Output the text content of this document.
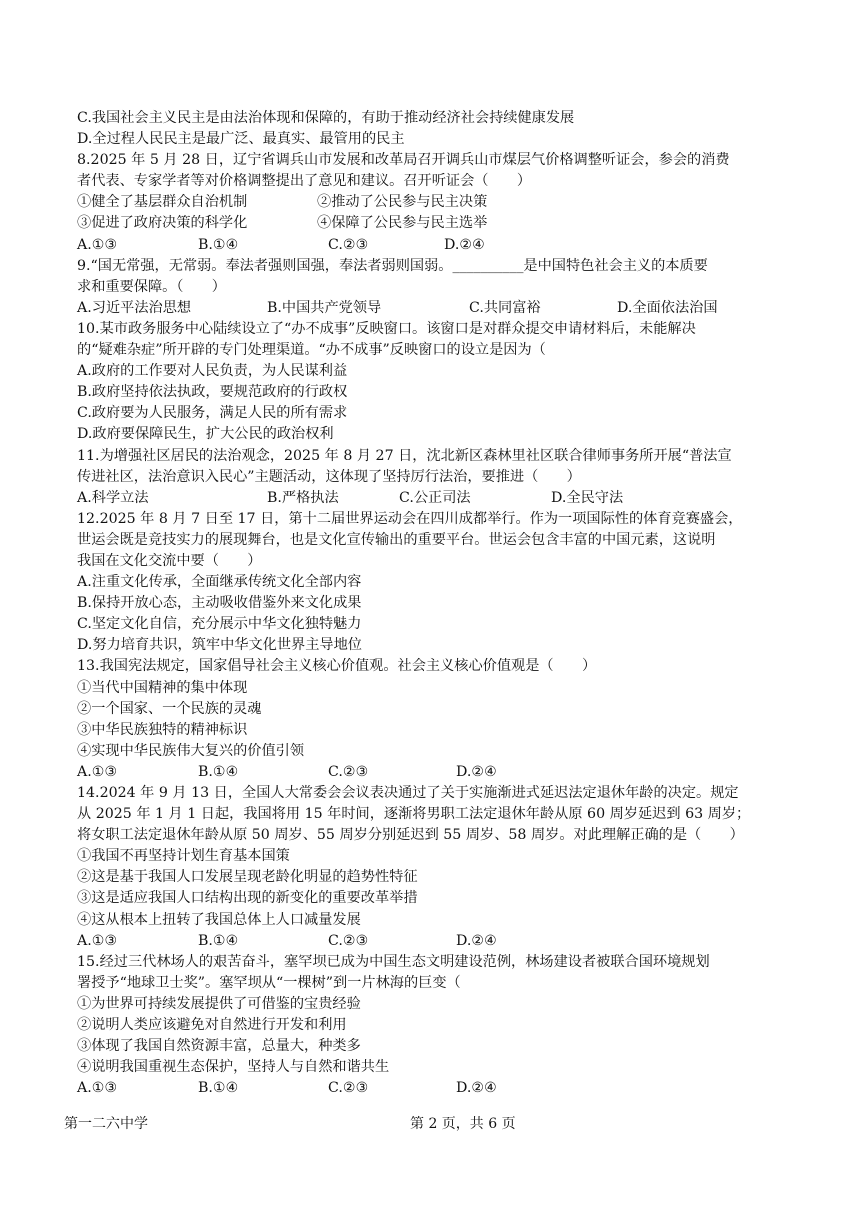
C.我国社会主义民主是由法治体现和保障的，有助于推动经济社会持续健康发展
D.全过程人民民主是最广泛、最真实、最管用的民主
8.2025 年 5 月 28 日，辽宁省调兵山市发展和改革局召开调兵山市煤层气价格调整听证会，参会的消费
者代表、专家学者等对价格调整提出了意见和建议。召开听证会（　　）
①健全了基层群众自治机制	②推动了公民参与民主决策
③促进了政府决策的科学化	④保障了公民参与民主选举
A.①③	B.①④	C.②③	D.②④
9.“国无常强，无常弱。奉法者强则国强，奉法者弱则国弱。__________是中国特色社会主义的本质要
求和重要保障。（　　）
A.习近平法治思想	B.中国共产党领导	C.共同富裕	D.全面依法治国
10.某市政务服务中心陆续设立了“办不成事”反映窗口。该窗口是对群众提交申请材料后，未能解决
的“疑难杂症”所开辟的专门处理渠道。“办不成事”反映窗口的设立是因为（
A.政府的工作要对人民负责，为人民谋利益
B.政府坚持依法执政，要规范政府的行政权
C.政府要为人民服务，满足人民的所有需求
D.政府要保障民生，扩大公民的政治权利
11.为增强社区居民的法治观念，2025 年 8 月 27 日，沈北新区森林里社区联合律师事务所开展“普法宣
传进社区，法治意识入民心”主题活动，这体现了坚持厉行法治，要推进（　　）
A.科学立法	B.严格执法	C.公正司法	D.全民守法
12.2025 年 8 月 7 日至 17 日，第十二届世界运动会在四川成都举行。作为一项国际性的体育竞赛盛会，
世运会既是竞技实力的展现舞台，也是文化宣传输出的重要平台。世运会包含丰富的中国元素，这说明
我国在文化交流中要（　　）
A.注重文化传承，全面继承传统文化全部内容
B.保持开放心态，主动吸收借鉴外来文化成果
C.坚定文化自信，充分展示中华文化独特魅力
D.努力培育共识，筑牢中华文化世界主导地位
13.我国宪法规定，国家倡导社会主义核心价值观。社会主义核心价值观是（　　）
①当代中国精神的集中体现
②一个国家、一个民族的灵魂
③中华民族独特的精神标识
④实现中华民族伟大复兴的价值引领
A.①③	B.①④	C.②③	D.②④
14.2024 年 9 月 13 日，全国人大常委会会议表决通过了关于实施渐进式延迟法定退休年龄的决定。规定
从 2025 年 1 月 1 日起，我国将用 15 年时间，逐渐将男职工法定退休年龄从原 60 周岁延迟到 63 周岁；
将女职工法定退休年龄从原 50 周岁、55 周岁分别延迟到 55 周岁、58 周岁。对此理解正确的是（　　）
①我国不再坚持计划生育基本国策
②这是基于我国人口发展呈现老龄化明显的趋势性特征
③这是适应我国人口结构出现的新变化的重要改革举措
④这从根本上扭转了我国总体上人口减量发展
A.①③	B.①④	C.②③	D.②④
15.经过三代林场人的艰苦奋斗，塞罕坝已成为中国生态文明建设范例，林场建设者被联合国环境规划
署授予“地球卫士奖”。塞罕坝从“一棵树”到一片林海的巨变（
①为世界可持续发展提供了可借鉴的宝贵经验
②说明人类应该避免对自然进行开发和利用
③体现了我国自然资源丰富，总量大，种类多
④说明我国重视生态保护，坚持人与自然和谐共生
A.①③	B.①④	C.②③	D.②④
第一二六中学	第 2 页，共 6 页
